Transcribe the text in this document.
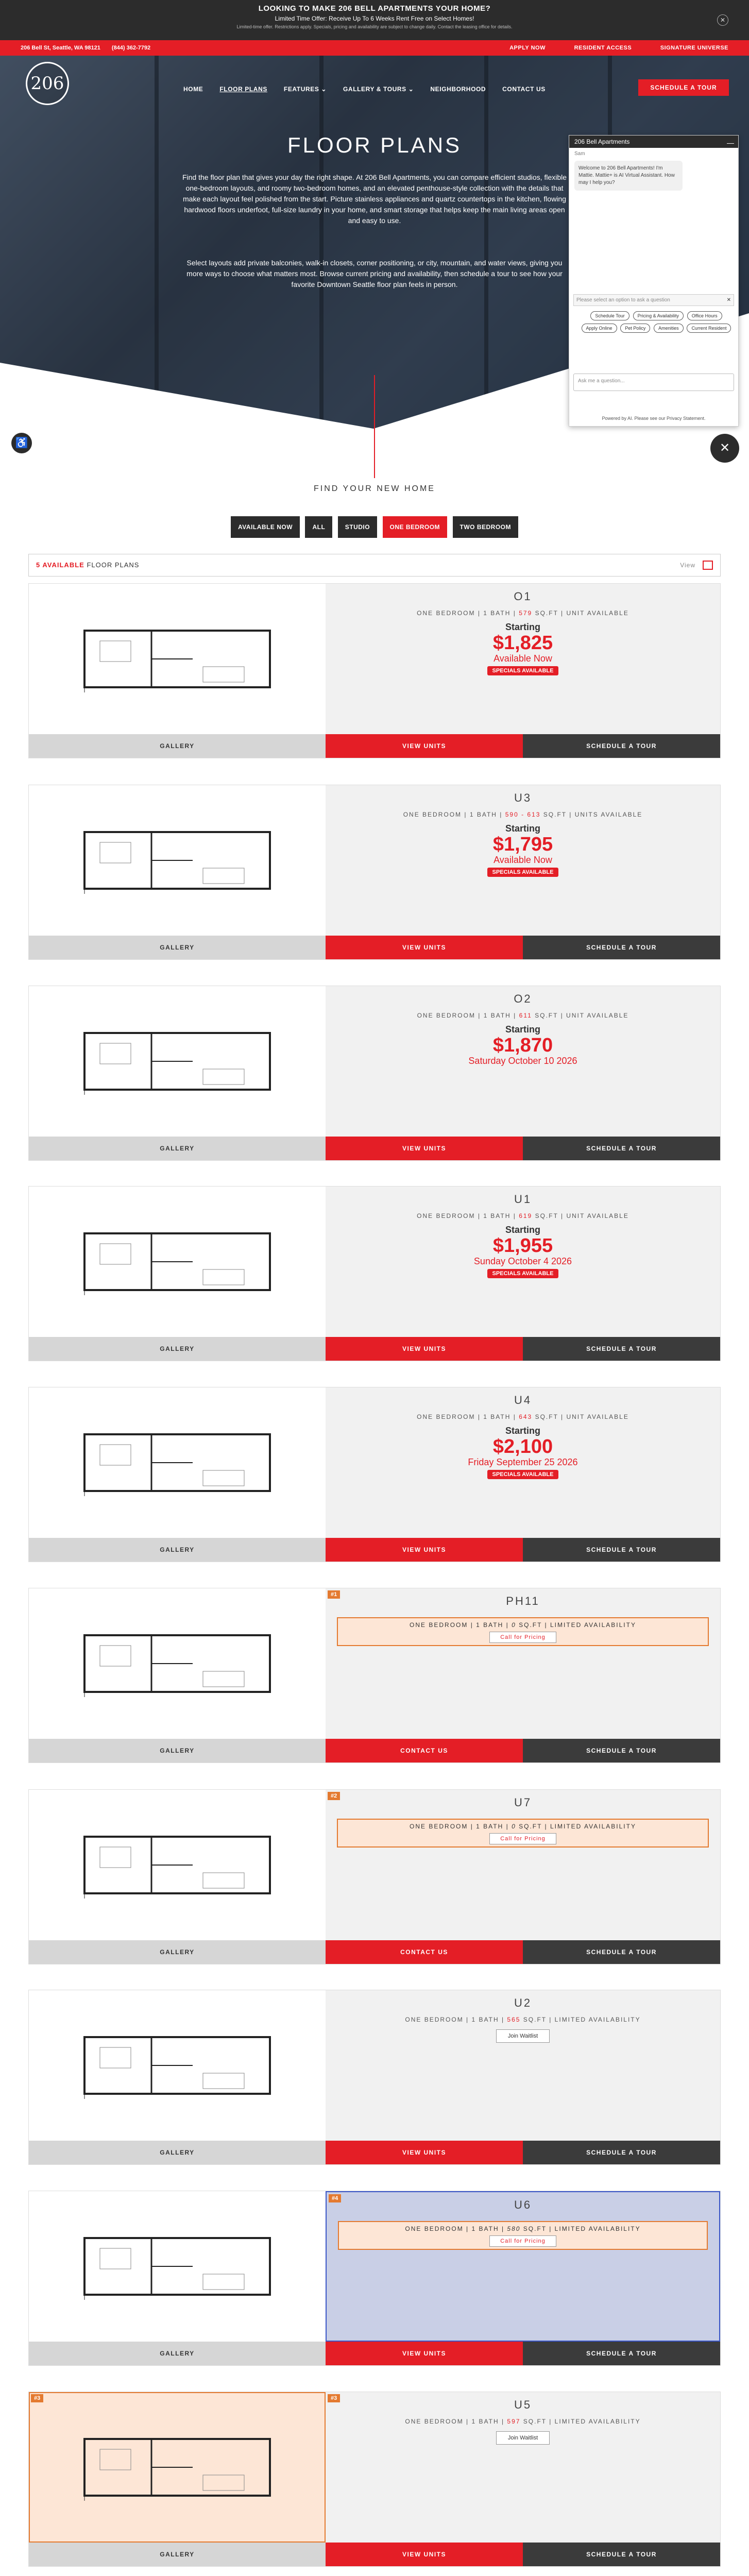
LOOKING TO MAKE 206 BELL APARTMENTS YOUR HOME?
Limited Time Offer: Receive Up To 6 Weeks Rent Free on Select Homes!
Limited-time offer. Restrictions apply. Specials, pricing and availability are subject to change daily. Contact the leasing office for details.
✕
206 Bell St, Seattle, WA 98121 (844) 362-7792	APPLY NOW	RESIDENT ACCESS	SIGNATURE UNIVERSE
206	HOME	FLOOR PLANS	FEATURES ⌄	GALLERY & TOURS ⌄	NEIGHBORHOOD	CONTACT US	SCHEDULE A TOUR
FLOOR PLANS
Find the floor plan that gives your day the right shape. At 206 Bell Apartments, you can compare efficient studios, flexible one-bedroom layouts, and roomy two-bedroom homes, and an elevated penthouse-style collection with the details that make each layout feel polished from the start. Picture stainless appliances and quartz countertops in the kitchen, flowing hardwood floors underfoot, full-size laundry in your home, and smart storage that helps keep the main living areas open and easy to use.
Select layouts add private balconies, walk-in closets, corner positioning, or city, mountain, and water views, giving you more ways to choose what matters most. Browse current pricing and availability, then schedule a tour to see how your favorite Downtown Seattle floor plan feels in person.
206 Bell Apartments	—
Sam
Welcome to 206 Bell Apartments! I'm Mattie. Mattie+ is AI Virtual Assistant. How may I help you?
Please select an option to ask a question	✕
Schedule Tour	Pricing & Availability	Office Hours Apply Online	Pet Policy	Amenities	Current Resident
Ask me a question...
Powered by AI. Please see our Privacy Statement.
✕
♿
FIND YOUR NEW HOME
AVAILABLE NOW	ALL	STUDIO	ONE BEDROOM	TWO BEDROOM
5 AVAILABLE FLOOR PLANS	View
O1
ONE BEDROOM | 1 BATH | 579 SQ.FT | UNIT AVAILABLE
Starting
$1,825
Available Now
SPECIALS AVAILABLE
GALLERY	VIEW UNITS	SCHEDULE A TOUR
U3
ONE BEDROOM | 1 BATH | 590 - 613 SQ.FT | UNITS AVAILABLE
Starting
$1,795
Available Now
SPECIALS AVAILABLE
GALLERY	VIEW UNITS	SCHEDULE A TOUR
O2
ONE BEDROOM | 1 BATH | 611 SQ.FT | UNIT AVAILABLE
Starting
$1,870
Saturday October 10 2026
GALLERY	VIEW UNITS	SCHEDULE A TOUR
U1
ONE BEDROOM | 1 BATH | 619 SQ.FT | UNIT AVAILABLE
Starting
$1,955
Sunday October 4 2026
SPECIALS AVAILABLE
GALLERY	VIEW UNITS	SCHEDULE A TOUR
U4
ONE BEDROOM | 1 BATH | 643 SQ.FT | UNIT AVAILABLE
Starting
$2,100
Friday September 25 2026
SPECIALS AVAILABLE
GALLERY	VIEW UNITS	SCHEDULE A TOUR
#1	PH11
ONE BEDROOM | 1 BATH | 0 SQ.FT | LIMITED AVAILABILITY
Call for Pricing
GALLERY	CONTACT US	SCHEDULE A TOUR
#2	U7
ONE BEDROOM | 1 BATH | 0 SQ.FT | LIMITED AVAILABILITY
Call for Pricing
GALLERY	CONTACT US	SCHEDULE A TOUR
U2
ONE BEDROOM | 1 BATH | 565 SQ.FT | LIMITED AVAILABILITY
Join Waitlist
GALLERY	VIEW UNITS	SCHEDULE A TOUR
#4	U6
ONE BEDROOM | 1 BATH | 580 SQ.FT | LIMITED AVAILABILITY
Call for Pricing
GALLERY	VIEW UNITS	SCHEDULE A TOUR
#3	U5
ONE BEDROOM | 1 BATH | 597 SQ.FT | LIMITED AVAILABILITY
Join Waitlist
#3
GALLERY	VIEW UNITS	SCHEDULE A TOUR
